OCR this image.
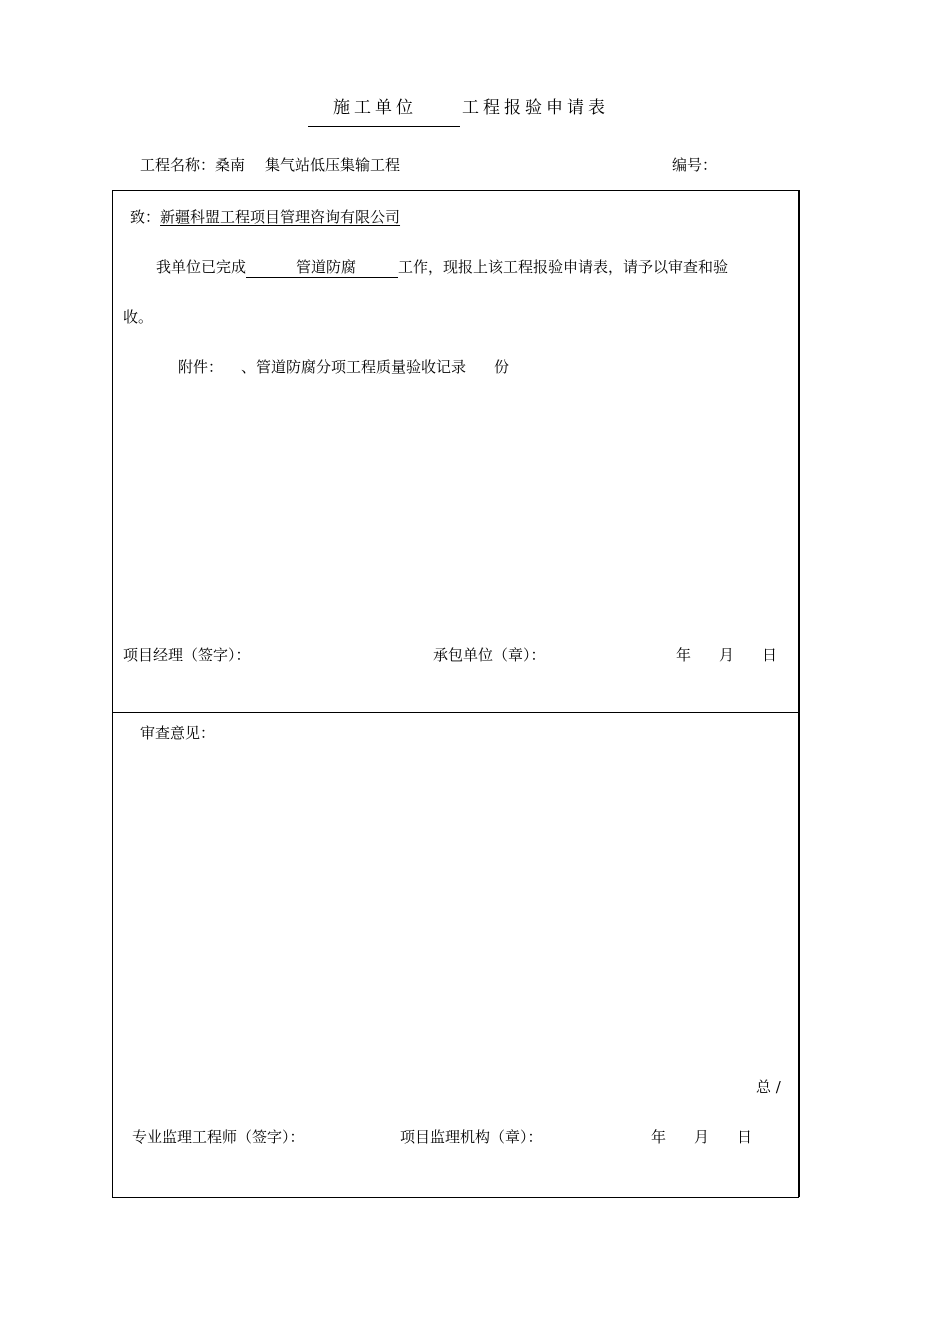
施工单位	工程报验申请表
工程名称：桑南 集气站低压集输工程	编号：
致：新疆科盟工程项目管理咨询有限公司
我单位已完成	管道防腐	工作，现报上该工程报验申请表，请予以审查和验
收。
附件： 、管道防腐分项工程质量验收记录 份
项目经理（签字）：	承包单位（章）：	年 月 日
审查意见：
总 /
专业监理工程师（签字）：	项目监理机构（章）：	年 月 日
